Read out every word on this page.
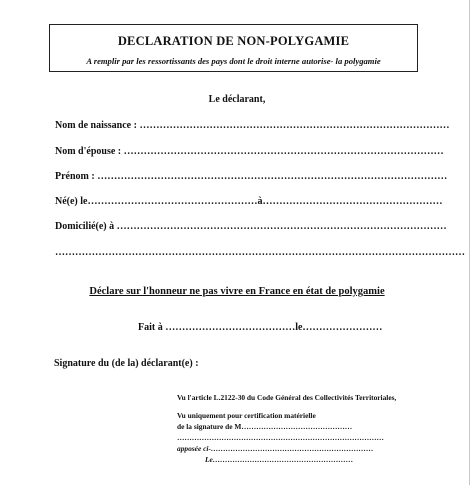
DECLARATION DE NON-POLYGAMIE
A remplir par les ressortissants des pays dont le droit interne autorise- la polygamie
Le déclarant,
Nom de naissance : …………………………………………………………………………………
Nom d'épouse : ……………………………………………………………………………………
Prénom : ……………………………………………………………………………………………
Né(e) le……………………………………………à………………………………………………
Domicilié(e) à ………………………………………………………………………………………
……………………………………………………………………………………………………………
Déclare sur l'honneur ne pas vivre en France en état de polygamie
Fait à …………………………………le……………………
Signature du (de la) déclarant(e) :
Vu l'article L.2122-30 du Code Général des Collectivités Territoriales,
Vu uniquement pour certification matérielle
de la signature de M………………………………………
…………………………………………………………………………
apposée ci-…………………………………………………………
Le…………………………………………………
